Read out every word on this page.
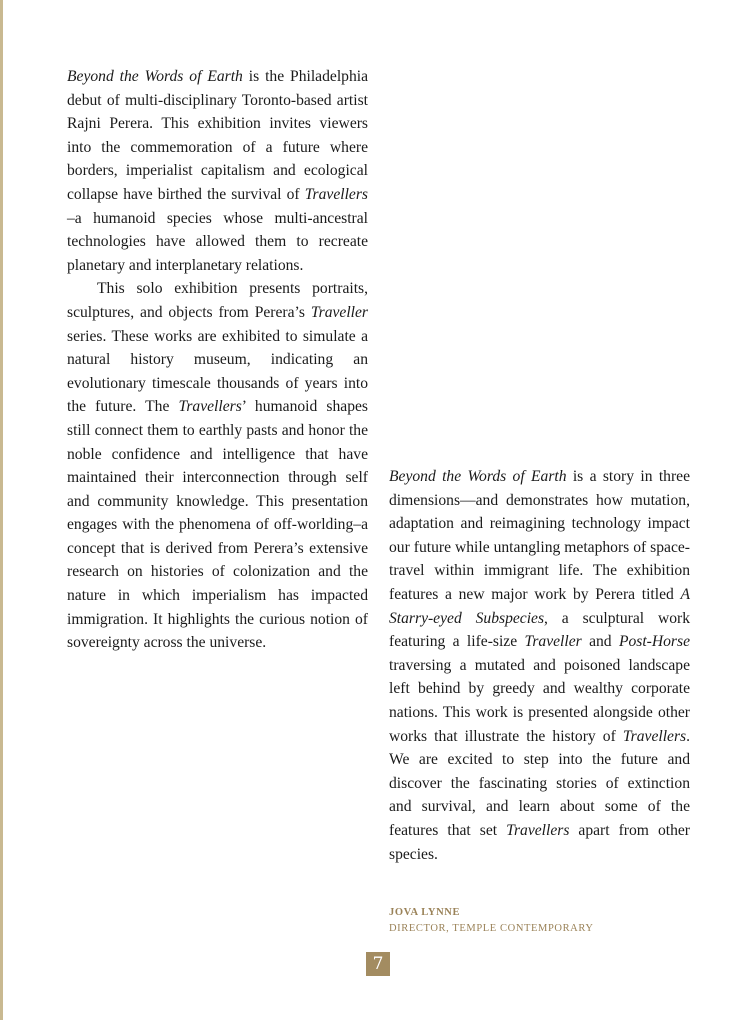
Beyond the Words of Earth is the Philadelphia debut of multi-disciplinary Toronto-based artist Rajni Perera. This exhibition invites viewers into the commemoration of a future where borders, imperialist capitalism and ecological collapse have birthed the survival of Travellers –a humanoid species whose multi-ancestral technologies have allowed them to recreate planetary and interplanetary relations.

This solo exhibition presents portraits, sculptures, and objects from Perera’s Traveller series. These works are exhibited to simulate a natural history museum, indicating an evolutionary timescale thousands of years into the future. The Travellers’ humanoid shapes still connect them to earthly pasts and honor the noble confidence and intelligence that have maintained their interconnection through self and community knowledge. This presentation engages with the phenomena of off-worlding–a concept that is derived from Perera’s extensive research on histories of colonization and the nature in which imperialism has impacted immigration. It highlights the curious notion of sovereignty across the universe.

Beyond the Words of Earth is a story in three dimensions—and demonstrates how mutation, adaptation and reimagining technology impact our future while untangling metaphors of space-travel within immigrant life. The exhibition features a new major work by Perera titled A Starry-eyed Subspecies, a sculptural work featuring a life-size Traveller and Post-Horse traversing a mutated and poisoned landscape left behind by greedy and wealthy corporate nations. This work is presented alongside other works that illustrate the history of Travellers. We are excited to step into the future and discover the fascinating stories of extinction and survival, and learn about some of the features that set Travellers apart from other species.

JOVA LYNNE
DIRECTOR, TEMPLE CONTEMPORARY
7
